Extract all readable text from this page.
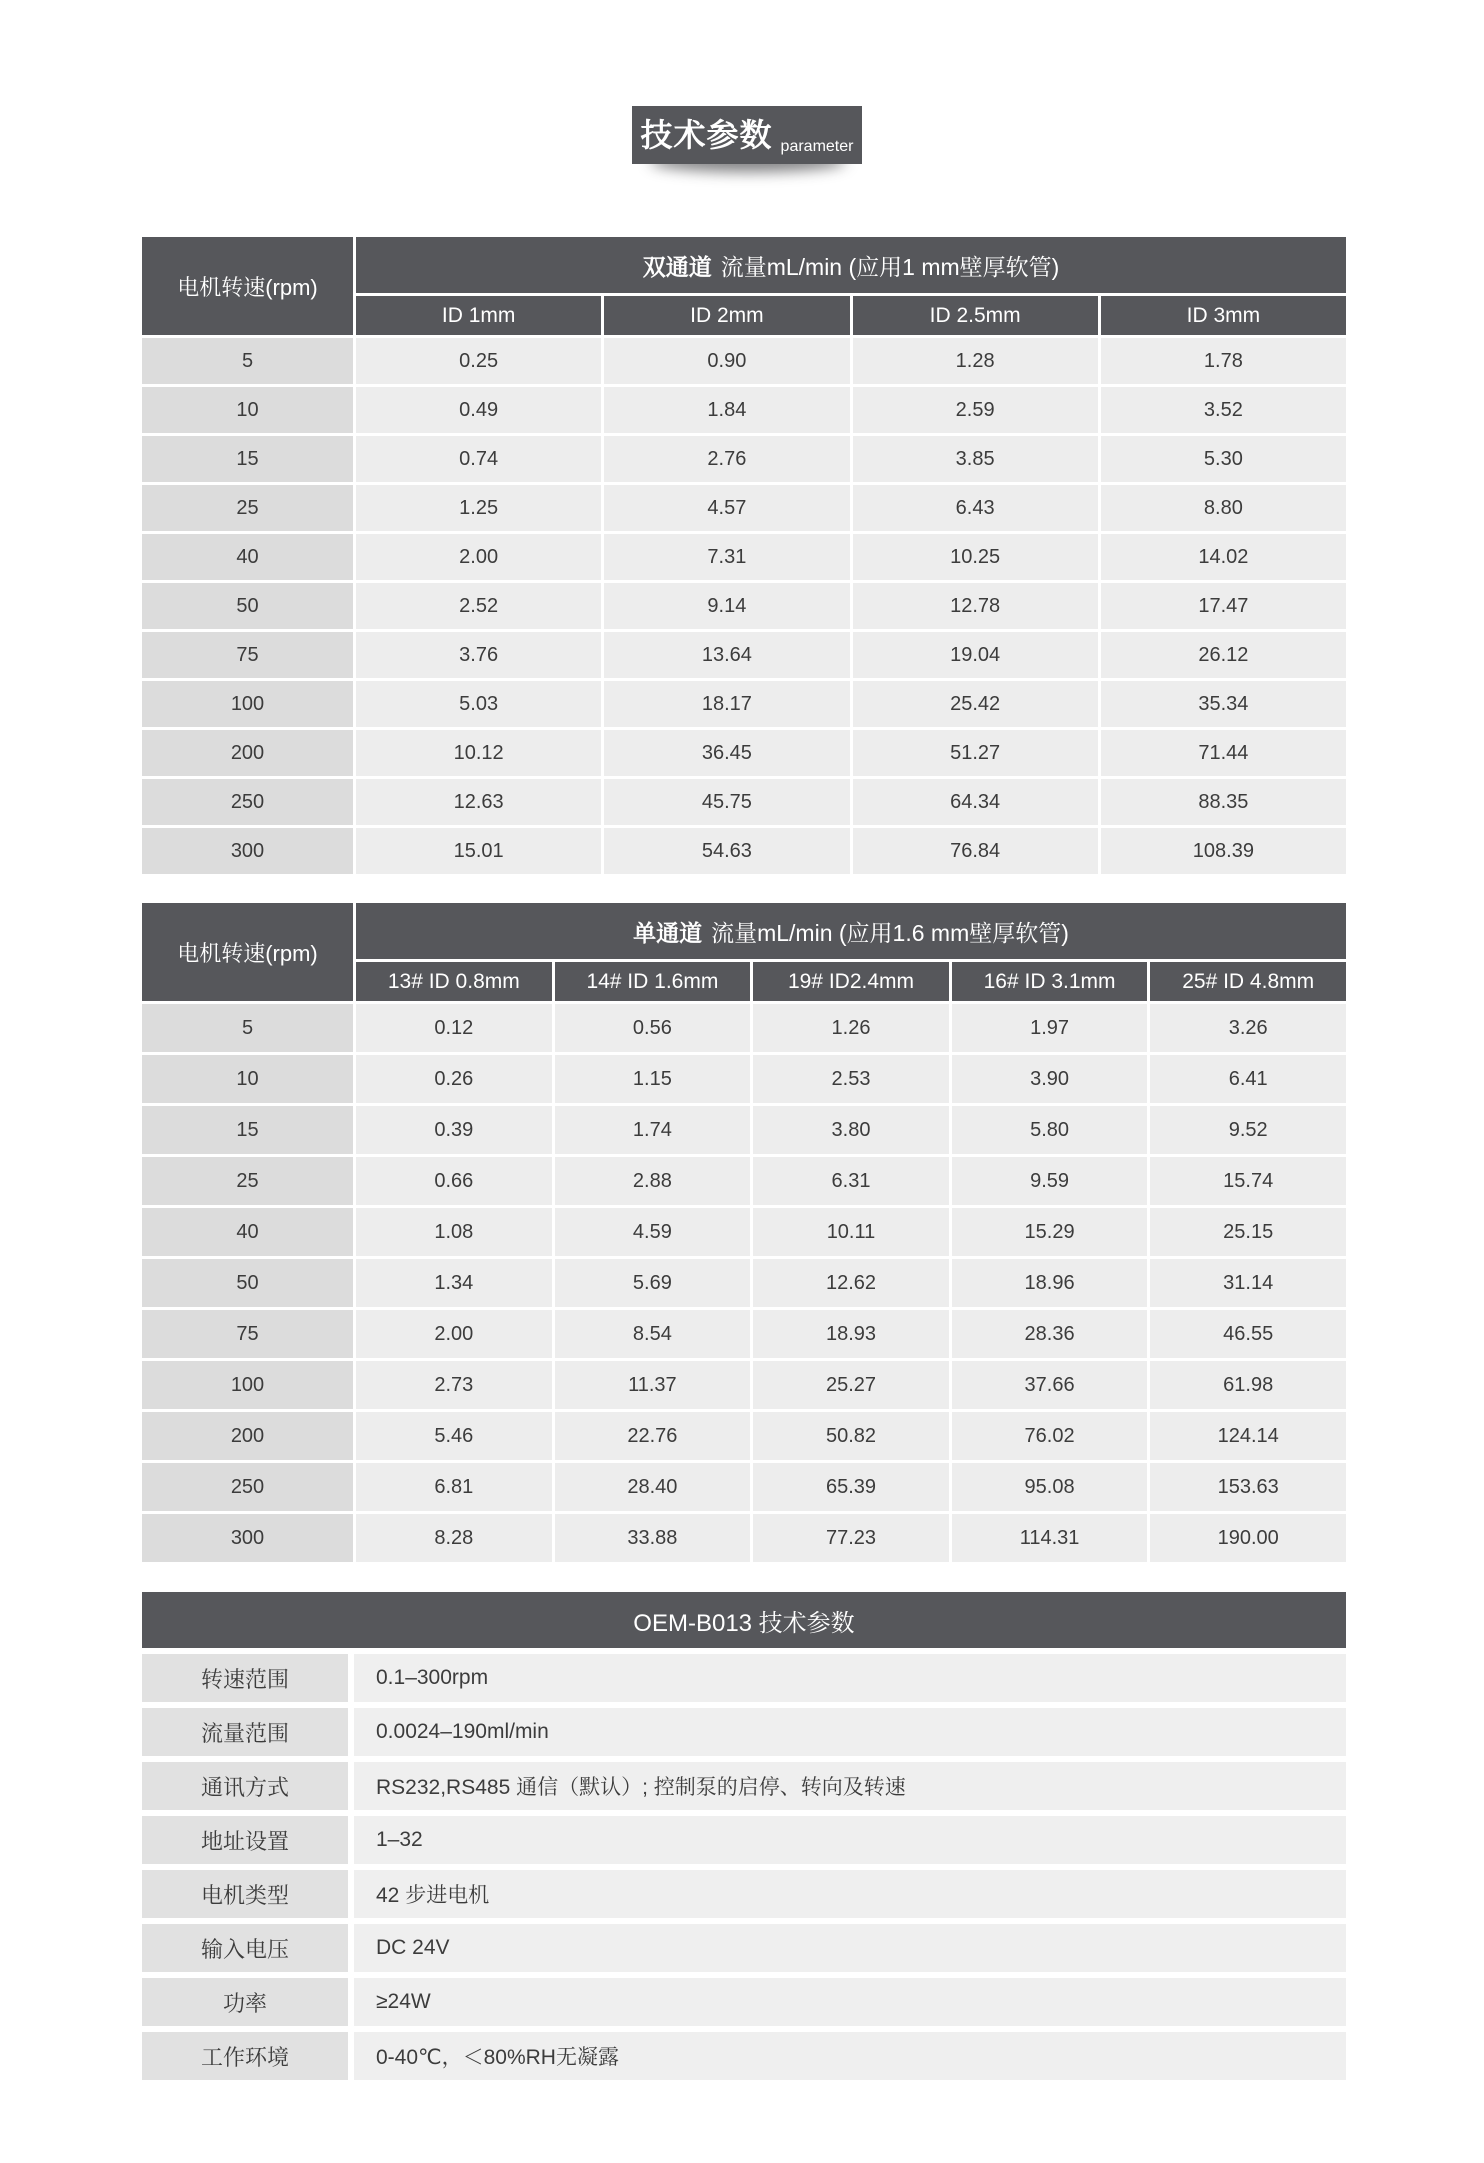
技术参数 parameter
电机转速(rpm)
双通道 流量mL/min (应用1 mm壁厚软管)
ID 1mm	ID 2mm	ID 2.5mm	ID 3mm
5	0.25	0.90	1.28	1.78
10	0.49	1.84	2.59	3.52
15	0.74	2.76	3.85	5.30
25	1.25	4.57	6.43	8.80
40	2.00	7.31	10.25	14.02
50	2.52	9.14	12.78	17.47
75	3.76	13.64	19.04	26.12
100	5.03	18.17	25.42	35.34
200	10.12	36.45	51.27	71.44
250	12.63	45.75	64.34	88.35
300	15.01	54.63	76.84	108.39
电机转速(rpm)
单通道 流量mL/min (应用1.6 mm壁厚软管)
13# ID 0.8mm	14# ID 1.6mm	19# ID2.4mm	16# ID 3.1mm	25# ID 4.8mm
5	0.12	0.56	1.26	1.97	3.26
10	0.26	1.15	2.53	3.90	6.41
15	0.39	1.74	3.80	5.80	9.52
25	0.66	2.88	6.31	9.59	15.74
40	1.08	4.59	10.11	15.29	25.15
50	1.34	5.69	12.62	18.96	31.14
75	2.00	8.54	18.93	28.36	46.55
100	2.73	11.37	25.27	37.66	61.98
200	5.46	22.76	50.82	76.02	124.14
250	6.81	28.40	65.39	95.08	153.63
300	8.28	33.88	77.23	114.31	190.00
OEM-B013 技术参数
转速范围	0.1–300rpm
流量范围	0.0024–190ml/min
通讯方式	RS232,RS485 通信（默认）; 控制泵的启停、转向及转速
地址设置	1–32
电机类型	42 步进电机
输入电压	DC 24V
功率	≥24W
工作环境	0-40℃，＜80%RH无凝露
